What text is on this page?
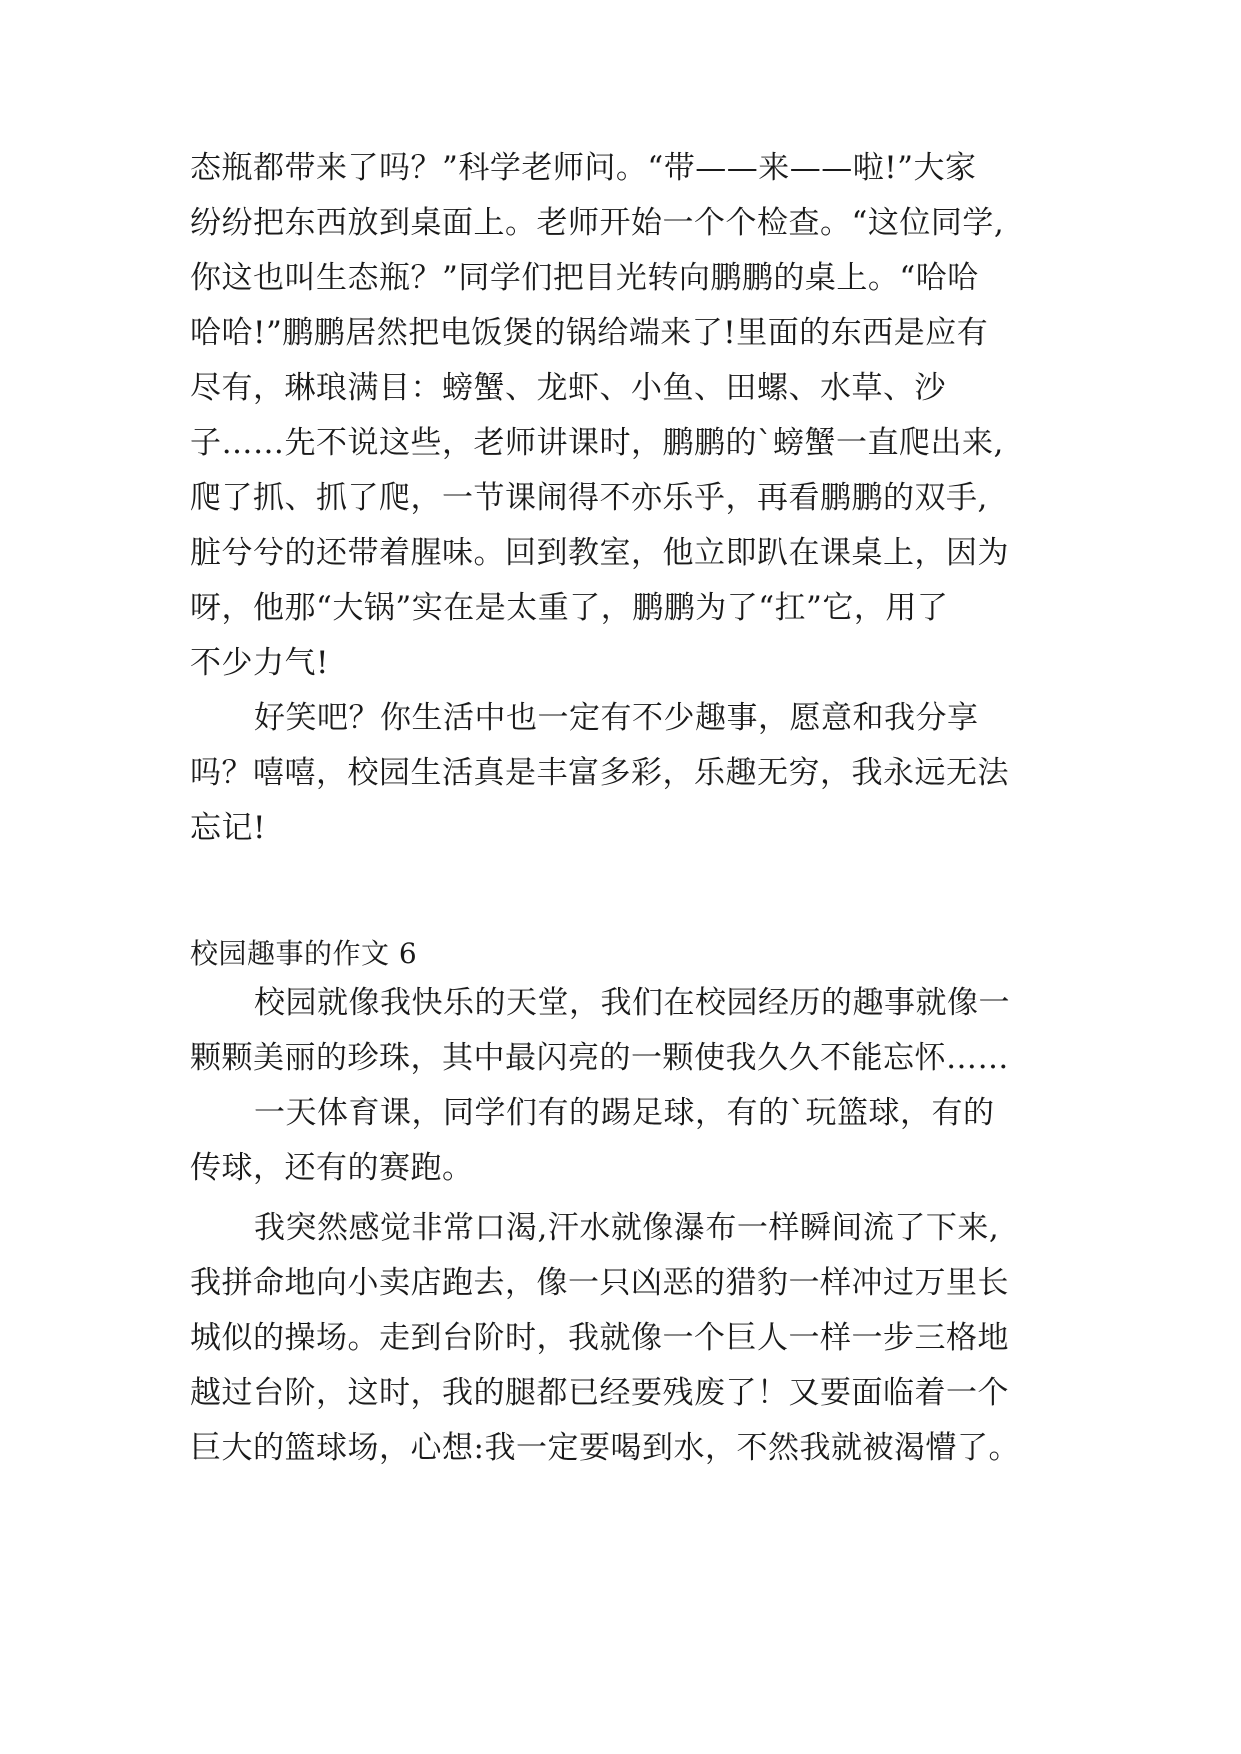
态瓶都带来了吗？”科学老师问。“带——来——啦!”大家
纷纷把东西放到桌面上。老师开始一个个检查。“这位同学,
你这也叫生态瓶？”同学们把目光转向鹏鹏的桌上。“哈哈
哈哈!”鹏鹏居然把电饭煲的锅给端来了!里面的东西是应有
尽有，琳琅满目：螃蟹、龙虾、小鱼、田螺、水草、沙
子……先不说这些，老师讲课时，鹏鹏的`螃蟹一直爬出来,
爬了抓、抓了爬，一节课闹得不亦乐乎，再看鹏鹏的双手,
脏兮兮的还带着腥味。回到教室，他立即趴在课桌上，因为
呀，他那“大锅”实在是太重了，鹏鹏为了“扛”它，用了
不少力气!
好笑吧？你生活中也一定有不少趣事，愿意和我分享
吗？嘻嘻，校园生活真是丰富多彩，乐趣无穷，我永远无法
忘记!
校园趣事的作文 6
校园就像我快乐的天堂，我们在校园经历的趣事就像一
颗颗美丽的珍珠，其中最闪亮的一颗使我久久不能忘怀……
一天体育课，同学们有的踢足球，有的`玩篮球，有的
传球，还有的赛跑。
我突然感觉非常口渴,汗水就像瀑布一样瞬间流了下来,
我拼命地向小卖店跑去，像一只凶恶的猎豹一样冲过万里长
城似的操场。走到台阶时，我就像一个巨人一样一步三格地
越过台阶，这时，我的腿都已经要残废了！又要面临着一个
巨大的篮球场，心想:我一定要喝到水，不然我就被渴懵了。
